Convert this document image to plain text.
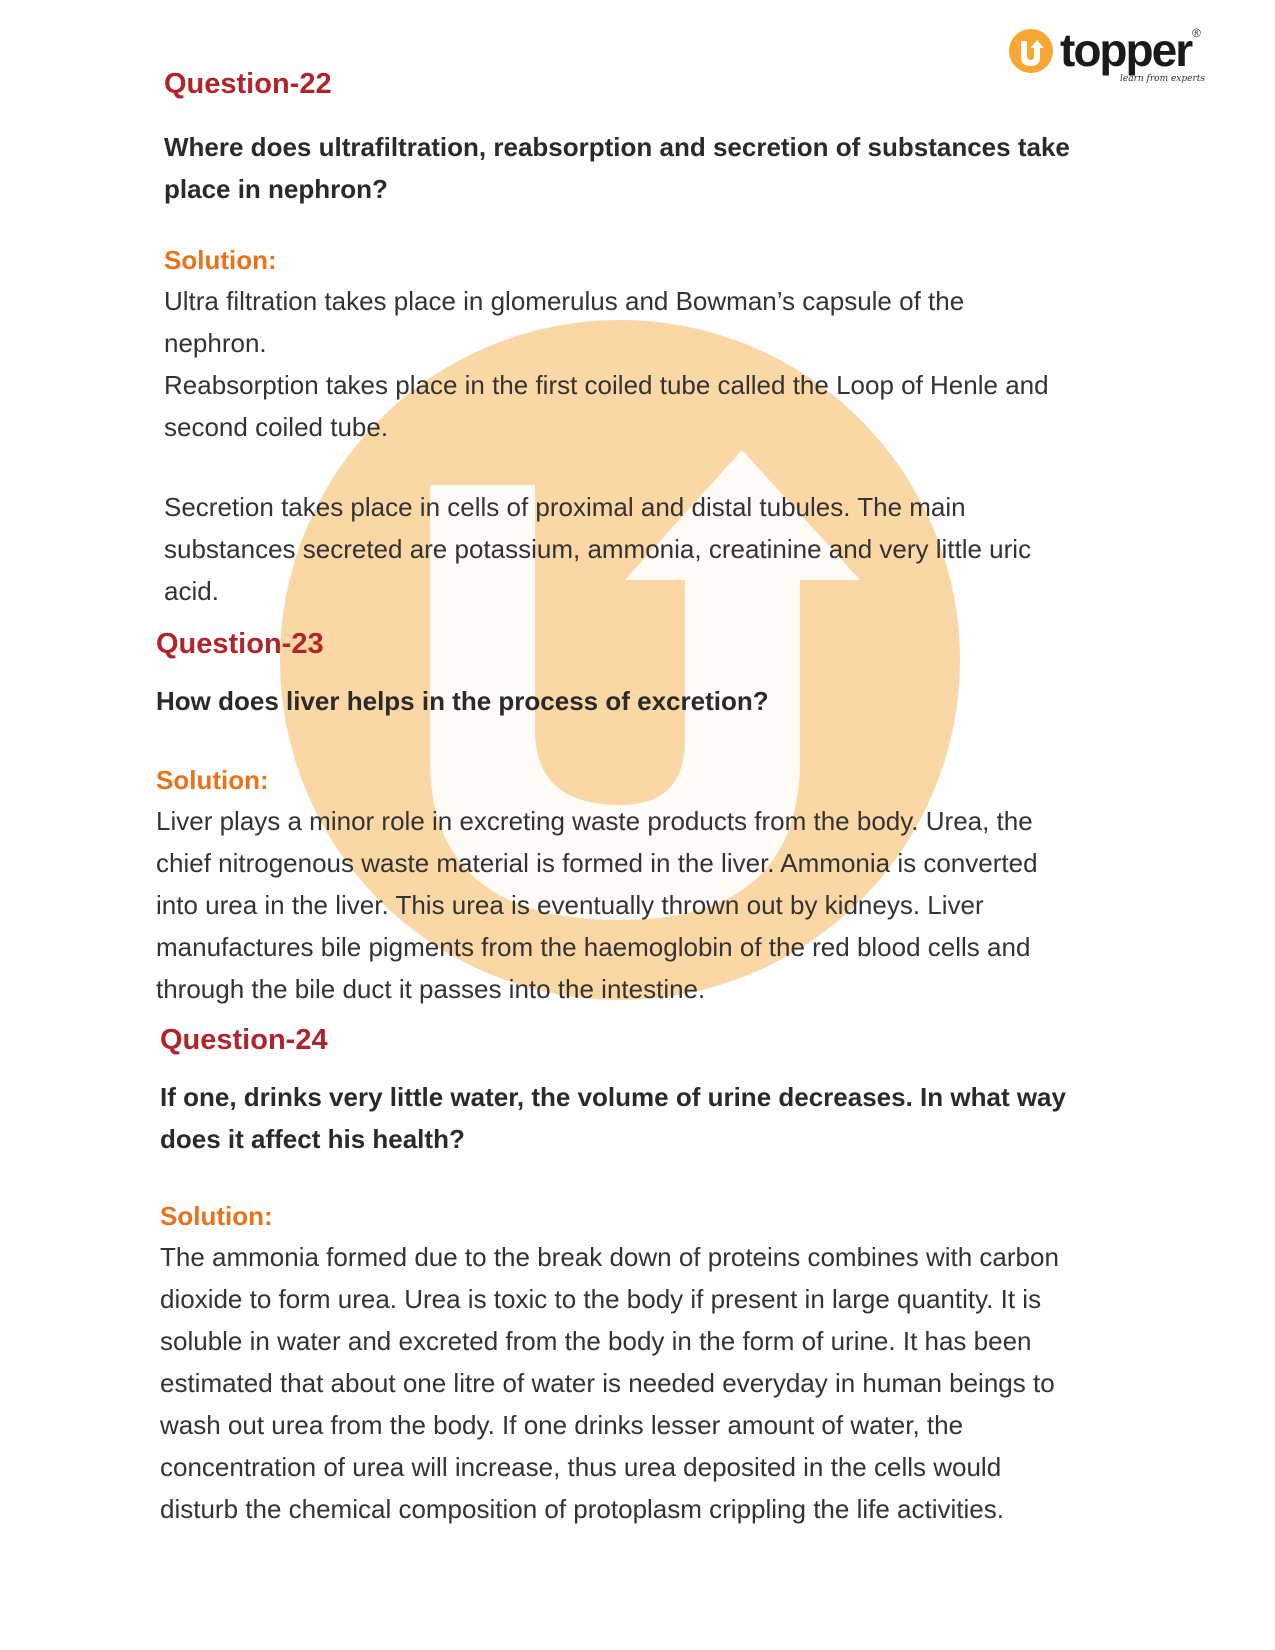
topper ®
learn from experts
Question-22

Where does ultrafiltration, reabsorption and secretion of substances take place in nephron?

Solution:

Ultra filtration takes place in glomerulus and Bowman’s capsule of the nephron.

Reabsorption takes place in the first coiled tube called the Loop of Henle and second coiled tube.

Secretion takes place in cells of proximal and distal tubules. The main substances secreted are potassium, ammonia, creatinine and very little uric acid.

Question-23

How does liver helps in the process of excretion?

Solution:

Liver plays a minor role in excreting waste products from the body. Urea, the chief nitrogenous waste material is formed in the liver. Ammonia is converted into urea in the liver. This urea is eventually thrown out by kidneys. Liver manufactures bile pigments from the haemoglobin of the red blood cells and through the bile duct it passes into the intestine.

Question-24

If one, drinks very little water, the volume of urine decreases. In what way does it affect his health?

Solution:

The ammonia formed due to the break down of proteins combines with carbon dioxide to form urea. Urea is toxic to the body if present in large quantity. It is soluble in water and excreted from the body in the form of urine. It has been estimated that about one litre of water is needed everyday in human beings to wash out urea from the body. If one drinks lesser amount of water, the concentration of urea will increase, thus urea deposited in the cells would disturb the chemical composition of protoplasm crippling the life activities.
